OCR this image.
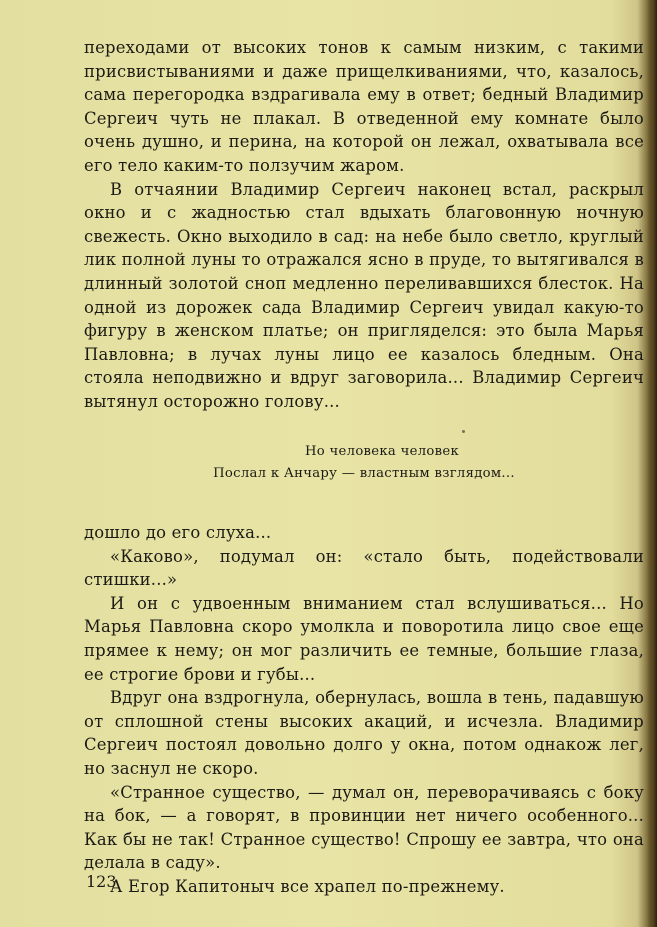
переходами от высоких тонов к самым низким, с такими присвистываниями и даже прищелкиваниями, что, казалось, сама перегородка вздрагивала ему в ответ; бедный Владимир Сергеич чуть не плакал. В отведенной ему комнате было очень душно, и перина, на которой он лежал, охватывала все его тело каким-то ползучим жаром.

В отчаянии Владимир Сергеич наконец встал, раскрыл окно и с жадностью стал вдыхать благовонную ночную свежесть. Окно выходило в сад: на небе было светло, круглый лик полной луны то отражался ясно в пруде, то вытягивался в длинный золотой сноп медленно переливавшихся блесток. На одной из дорожек сада Владимир Сергеич увидал какую-то фигуру в женском платье; он пригляделся: это была Марья Павловна; в лучах луны лицо ее казалось бледным. Она стояла неподвижно и вдруг заговорила... Владимир Сергеич вытянул осторожно голову...

Но человека человек
Послал к Анчару — властным взглядом...

дошло до его слуха...

«Каково», подумал он: «стало быть, подействовали стишки...»

И он с удвоенным вниманием стал вслушиваться... Но Марья Павловна скоро умолкла и поворотила лицо свое еще прямее к нему; он мог различить ее темные, большие глаза, ее строгие брови и губы...

Вдруг она вздрогнула, обернулась, вошла в тень, падавшую от сплошной стены высоких акаций, и исчезла. Владимир Сергеич постоял довольно долго у окна, потом однакож лег, но заснул не скоро.

«Странное существо, — думал он, переворачиваясь с боку на бок, — а говорят, в провинции нет ничего особенного... Как бы не так! Странное существо! Спрошу ее завтра, что она делала в саду».

А Егор Капитоныч все храпел по-прежнему.

123
